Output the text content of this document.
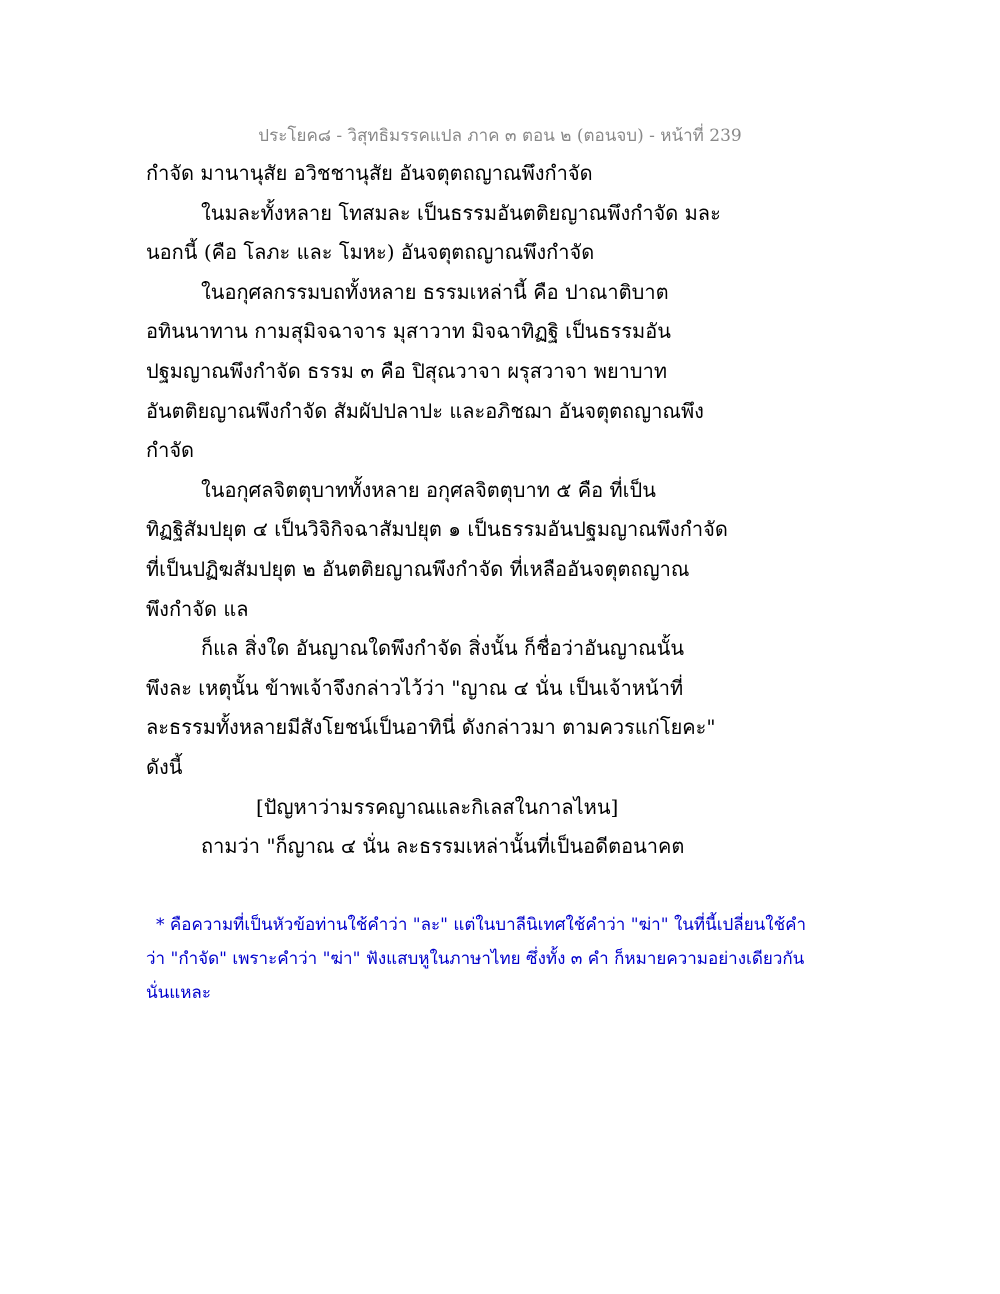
ประโยค๘ - วิสุทธิมรรคแปล ภาค ๓ ตอน ๒ (ตอนจบ) - หน้าที่ 239
กำจัด มานานุสัย อวิชชานุสัย อันจตุตถญาณพึงกำจัด
ในมละทั้งหลาย โทสมละ เป็นธรรมอันตติยญาณพึงกำจัด มละ
นอกนี้ (คือ โลภะ และ โมหะ) อันจตุตถญาณพึงกำจัด
ในอกุศลกรรมบถทั้งหลาย ธรรมเหล่านี้ คือ ปาณาติบาต
อทินนาทาน กามสุมิจฉาจาร มุสาวาท มิจฉาทิฏฐิ เป็นธรรมอัน
ปฐมญาณพึงกำจัด ธรรม ๓ คือ ปิสุณวาจา ผรุสวาจา พยาบาท
อันตติยญาณพึงกำจัด สัมผัปปลาปะ และอภิชฌา อันจตุตถญาณพึง
กำจัด
ในอกุศลจิตตุบาททั้งหลาย อกุศลจิตตุบาท ๕ คือ ที่เป็น
ทิฏฐิสัมปยุต ๔ เป็นวิจิกิจฉาสัมปยุต ๑ เป็นธรรมอันปฐมญาณพึงกำจัด
ที่เป็นปฏิฆสัมปยุต ๒ อันตติยญาณพึงกำจัด ที่เหลืออันจตุตถญาณ
พึงกำจัด แล
ก็แล สิ่งใด อันญาณใดพึงกำจัด สิ่งนั้น ก็ชื่อว่าอันญาณนั้น
พึงละ เหตุนั้น ข้าพเจ้าจึงกล่าวไว้ว่า "ญาณ ๔ นั่น เป็นเจ้าหน้าที่
ละธรรมทั้งหลายมีสังโยชน์เป็นอาทินี่ ดังกล่าวมา ตามควรแก่โยคะ"
ดังนี้
[ปัญหาว่ามรรคญาณและกิเลสในกาลไหน]
ถามว่า "ก็ญาณ ๔ นั่น ละธรรมเหล่านั้นที่เป็นอดีตอนาคต
* คือความที่เป็นหัวข้อท่านใช้คำว่า "ละ" แต่ในบาลีนิเทศใช้คำว่า "ฆ่า" ในที่นี้เปลี่ยนใช้คำ
ว่า "กำจัด" เพราะคำว่า "ฆ่า" ฟังแสบหูในภาษาไทย ซึ่งทั้ง ๓ คำ ก็หมายความอย่างเดียวกัน
นั่นแหละ
